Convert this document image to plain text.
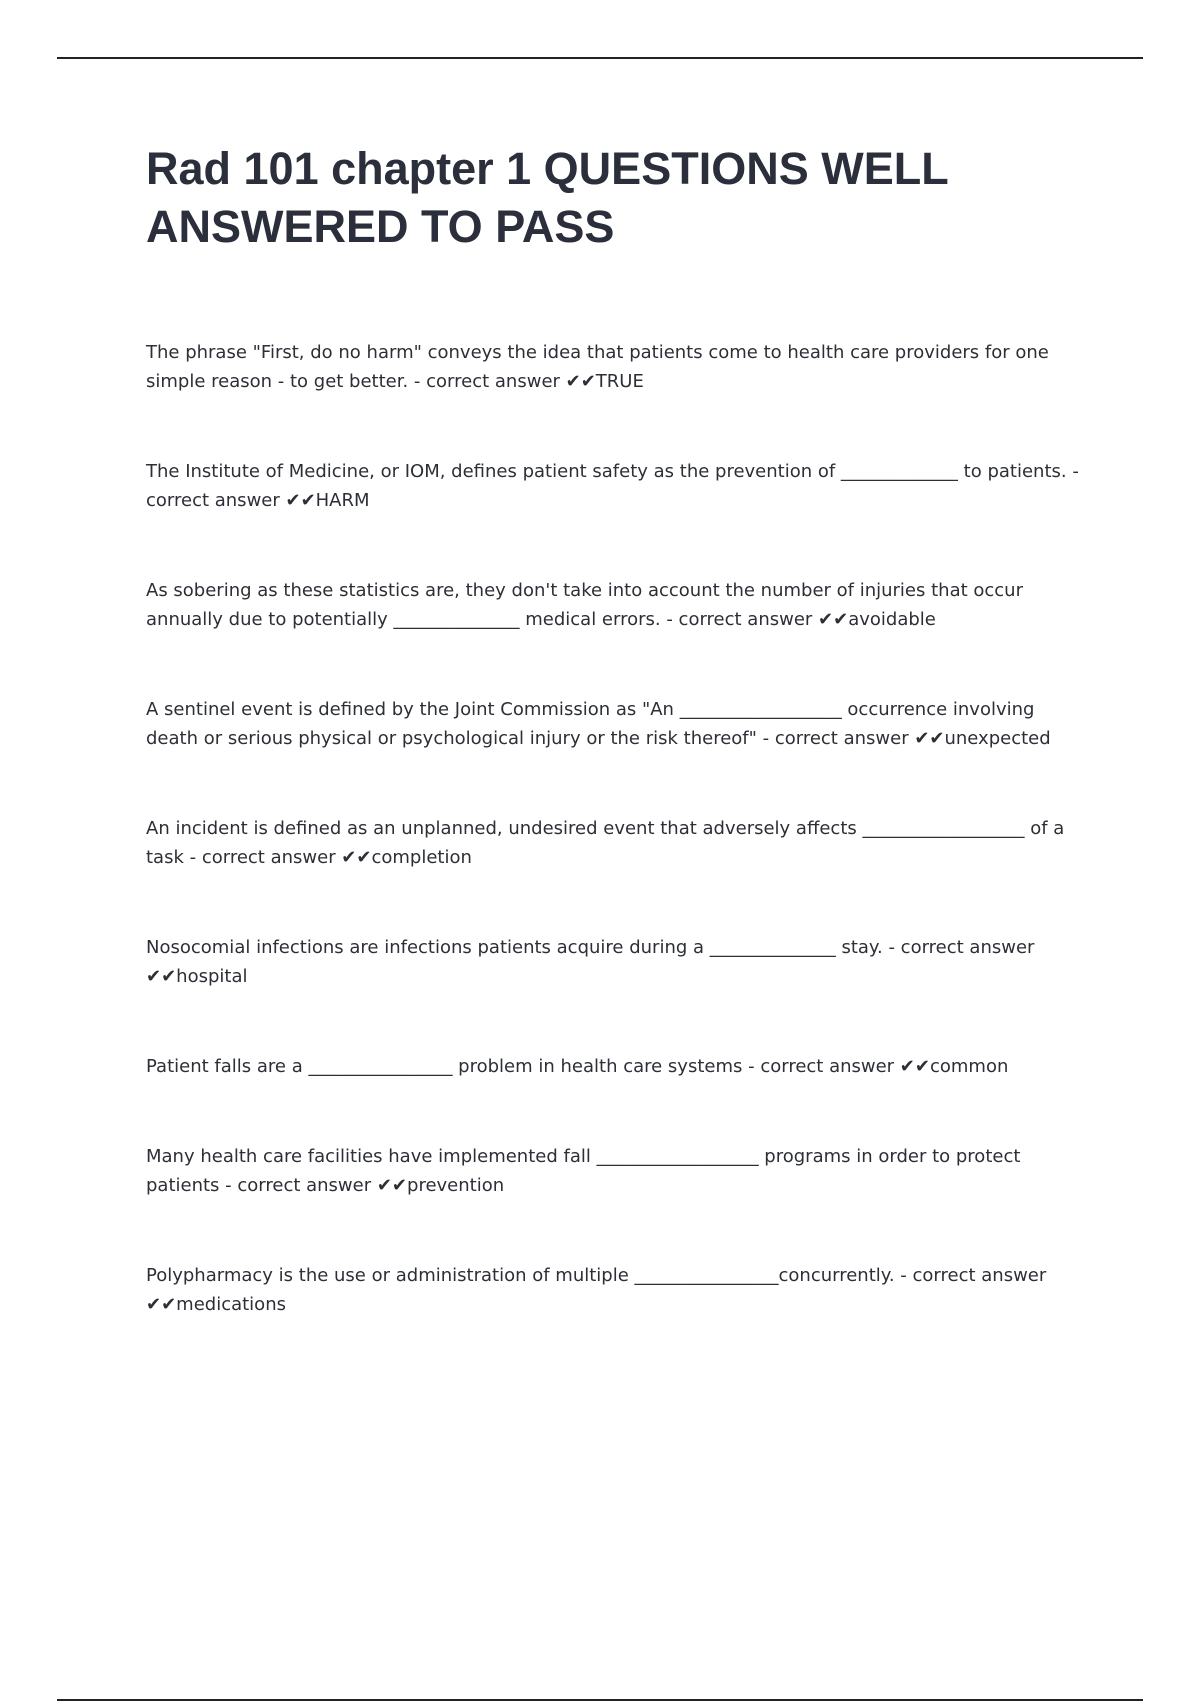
Rad 101 chapter 1 QUESTIONS WELL ANSWERED TO PASS

The phrase "First, do no harm" conveys the idea that patients come to health care providers for one simple reason - to get better. - correct answer ✔✔TRUE

The Institute of Medicine, or IOM, defines patient safety as the prevention of _____________ to patients. - correct answer ✔✔HARM

As sobering as these statistics are, they don't take into account the number of injuries that occur annually due to potentially ______________ medical errors. - correct answer ✔✔avoidable

A sentinel event is defined by the Joint Commission as "An __________________ occurrence involving death or serious physical or psychological injury or the risk thereof" - correct answer ✔✔unexpected

An incident is defined as an unplanned, undesired event that adversely affects __________________ of a task - correct answer ✔✔completion

Nosocomial infections are infections patients acquire during a ______________ stay. - correct answer ✔✔hospital

Patient falls are a ________________ problem in health care systems - correct answer ✔✔common

Many health care facilities have implemented fall __________________ programs in order to protect patients - correct answer ✔✔prevention

Polypharmacy is the use or administration of multiple ________________concurrently. - correct answer ✔✔medications
